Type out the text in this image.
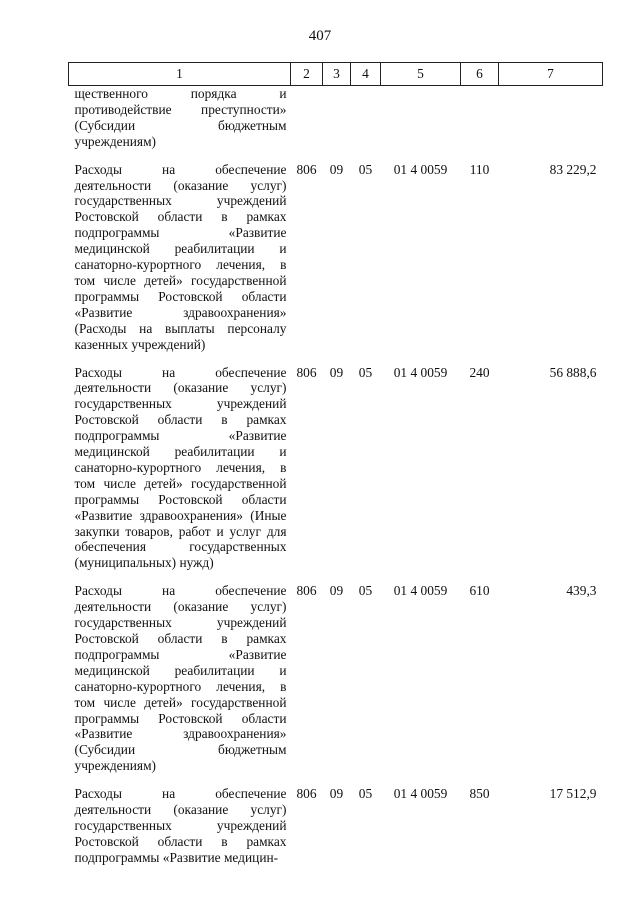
407
1	2	3	4	5	6	7
щественного порядка и противодействие преступности» (Субсидии бюджетным учреждениям)						
Расходы на обеспечение деятельности (оказание услуг) государственных учреждений Ростовской области в рамках подпрограммы «Развитие медицинской реабилитации и санаторно-курортного лечения, в том числе детей» государственной программы Ростовской области «Развитие здравоохранения» (Расходы на выплаты персоналу казенных учреждений)	806	09	05	01 4 0059	110	83 229,2
Расходы на обеспечение деятельности (оказание услуг) государственных учреждений Ростовской области в рамках подпрограммы «Развитие медицинской реабилитации и санаторно-курортного лечения, в том числе детей» государственной программы Ростовской области «Развитие здравоохранения» (Иные закупки товаров, работ и услуг для обеспечения государственных (муниципальных) нужд)	806	09	05	01 4 0059	240	56 888,6
Расходы на обеспечение деятельности (оказание услуг) государственных учреждений Ростовской области в рамках подпрограммы «Развитие медицинской реабилитации и санаторно-курортного лечения, в том числе детей» государственной программы Ростовской области «Развитие здравоохранения» (Субсидии бюджетным учреждениям)	806	09	05	01 4 0059	610	439,3
Расходы на обеспечение деятельности (оказание услуг) государственных учреждений Ростовской области в рамках подпрограммы «Развитие медицин-	806	09	05	01 4 0059	850	17 512,9
